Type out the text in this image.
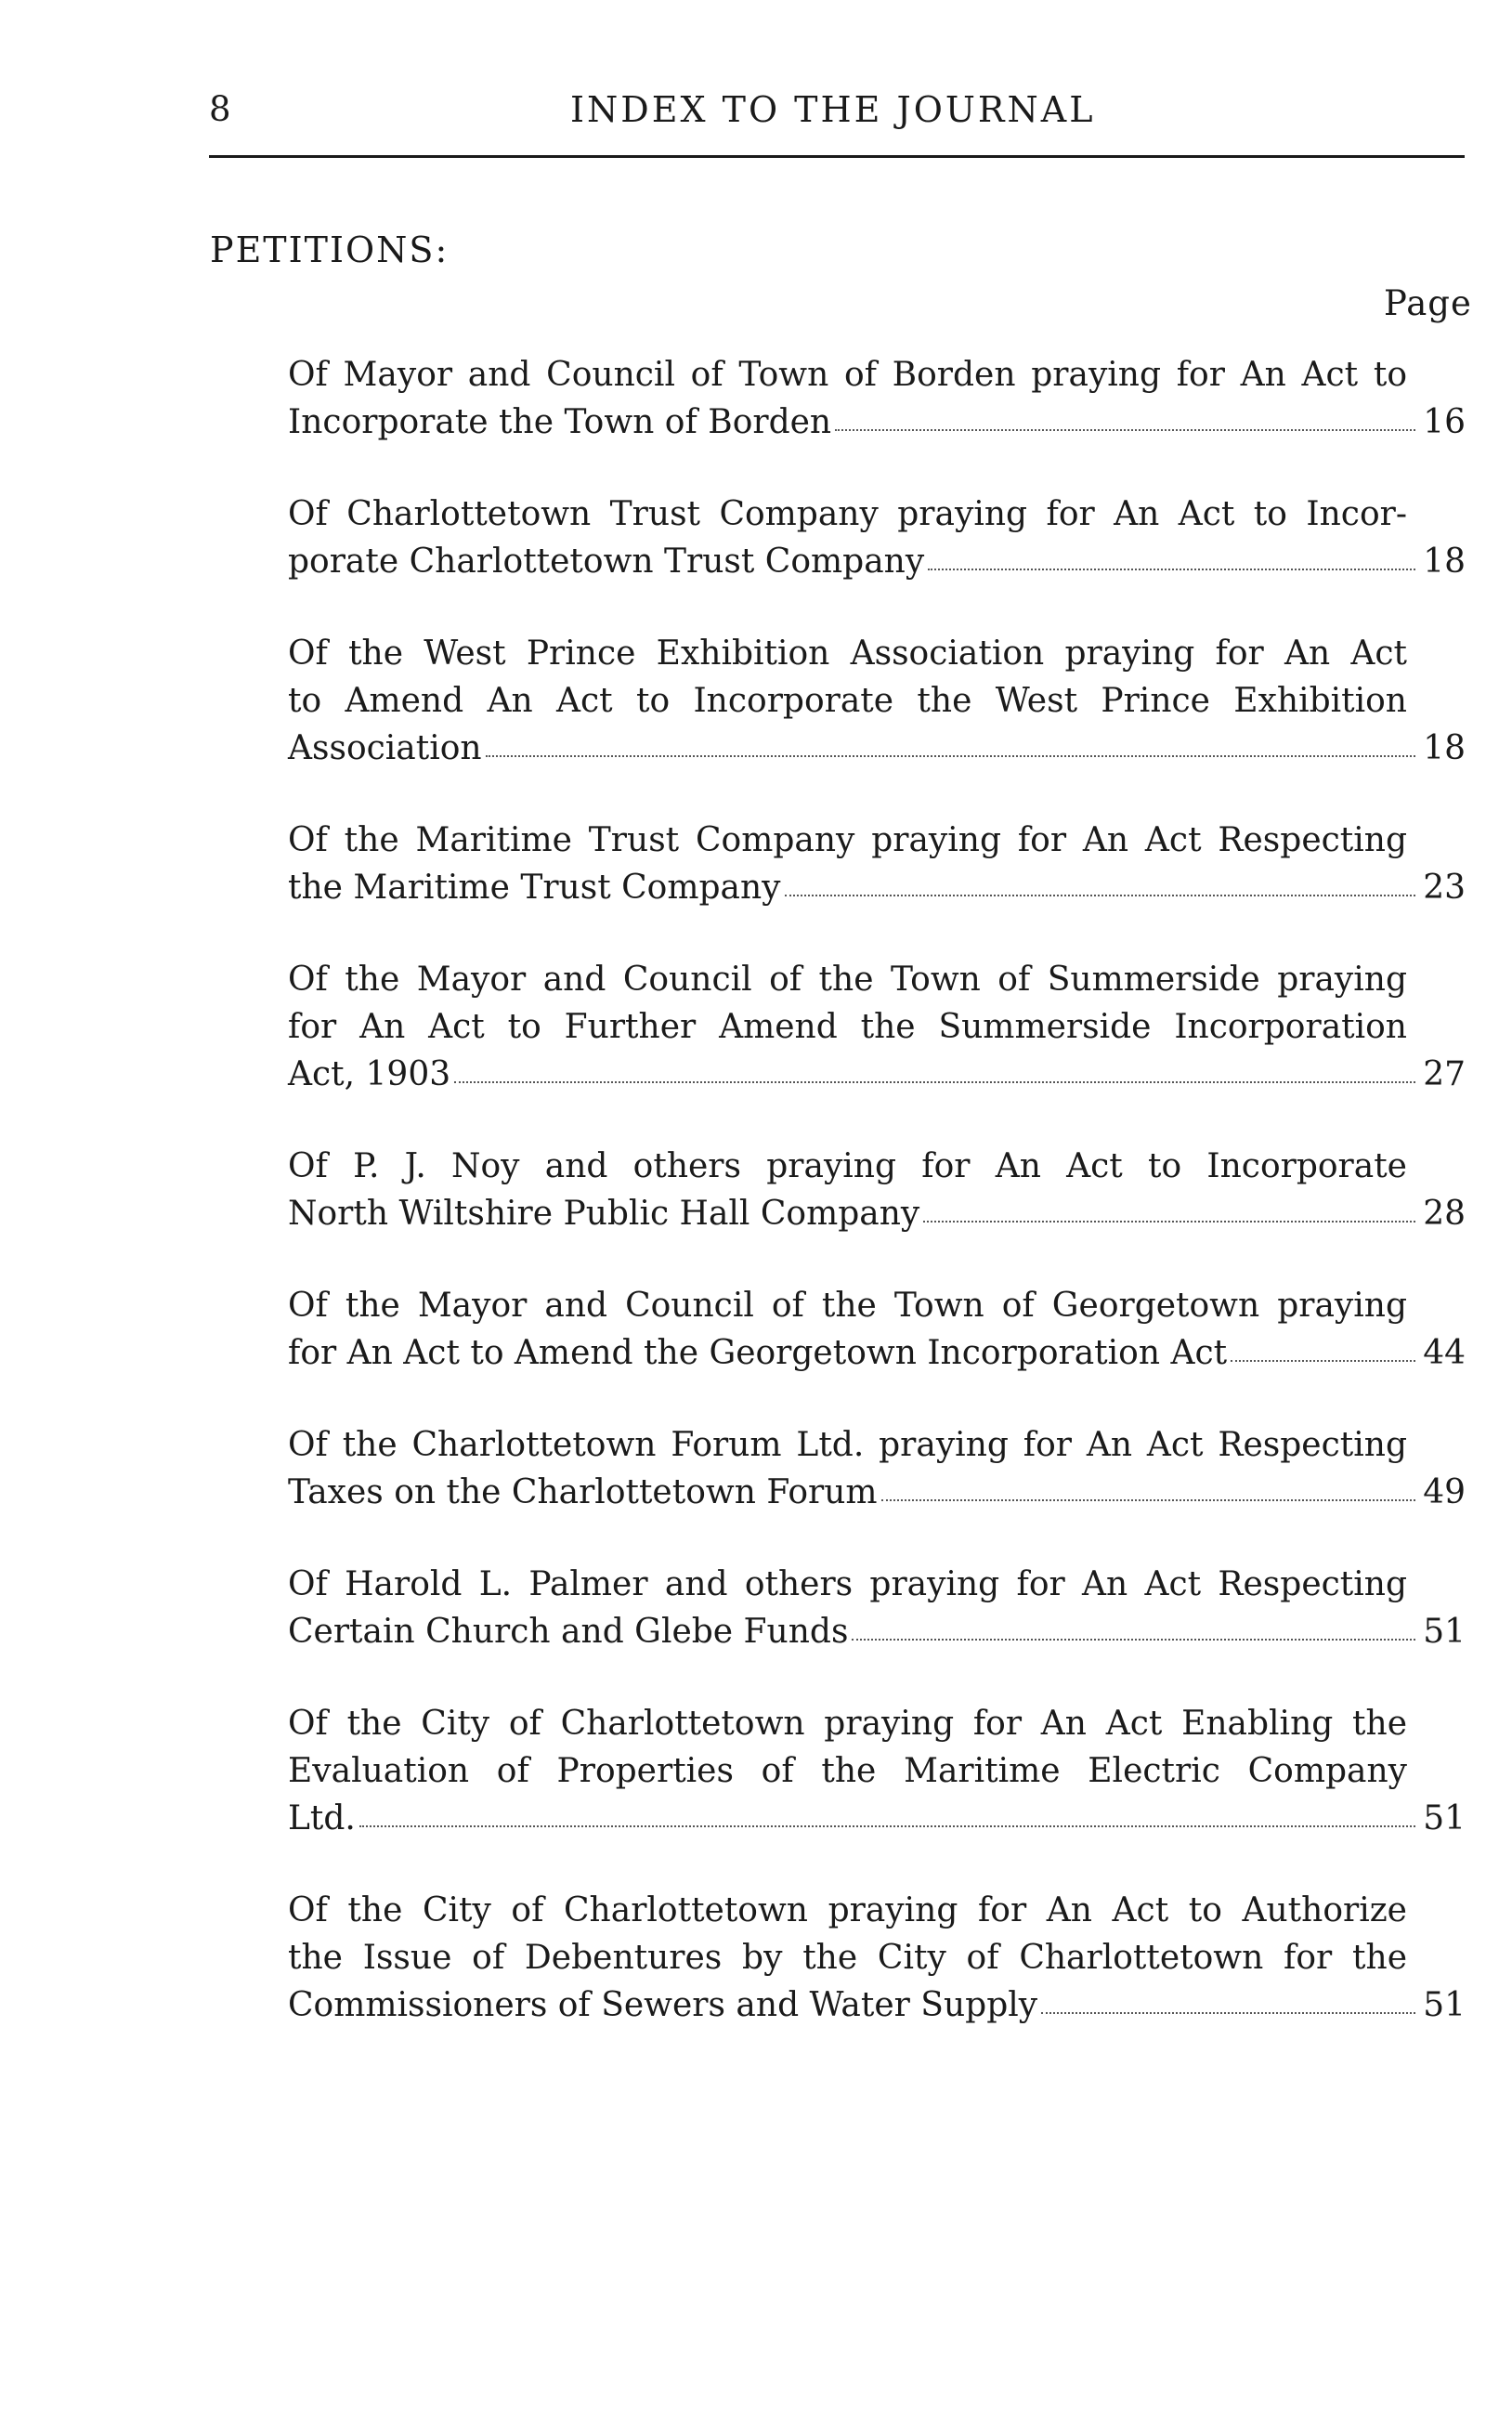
8	INDEX TO THE JOURNAL
PETITIONS:
Page
Of Mayor and Council of Town of Borden praying for An Act to
Incorporate the Town of Borden	16
Of Charlottetown Trust Company praying for An Act to Incor-
porate Charlottetown Trust Company	18
Of the West Prince Exhibition Association praying for An Act
to Amend An Act to Incorporate the West Prince Exhibition
Association	18
Of the Maritime Trust Company praying for An Act Respecting
the Maritime Trust Company	23
Of the Mayor and Council of the Town of Summerside praying
for An Act to Further Amend the Summerside Incorporation
Act, 1903	27
Of P. J. Noy and others praying for An Act to Incorporate
North Wiltshire Public Hall Company	28
Of the Mayor and Council of the Town of Georgetown praying
for An Act to Amend the Georgetown Incorporation Act	44
Of the Charlottetown Forum Ltd. praying for An Act Respecting
Taxes on the Charlottetown Forum	49
Of Harold L. Palmer and others praying for An Act Respecting
Certain Church and Glebe Funds	51
Of the City of Charlottetown praying for An Act Enabling the
Evaluation of Properties of the Maritime Electric Company
Ltd.	51
Of the City of Charlottetown praying for An Act to Authorize
the Issue of Debentures by the City of Charlottetown for the
Commissioners of Sewers and Water Supply	51
